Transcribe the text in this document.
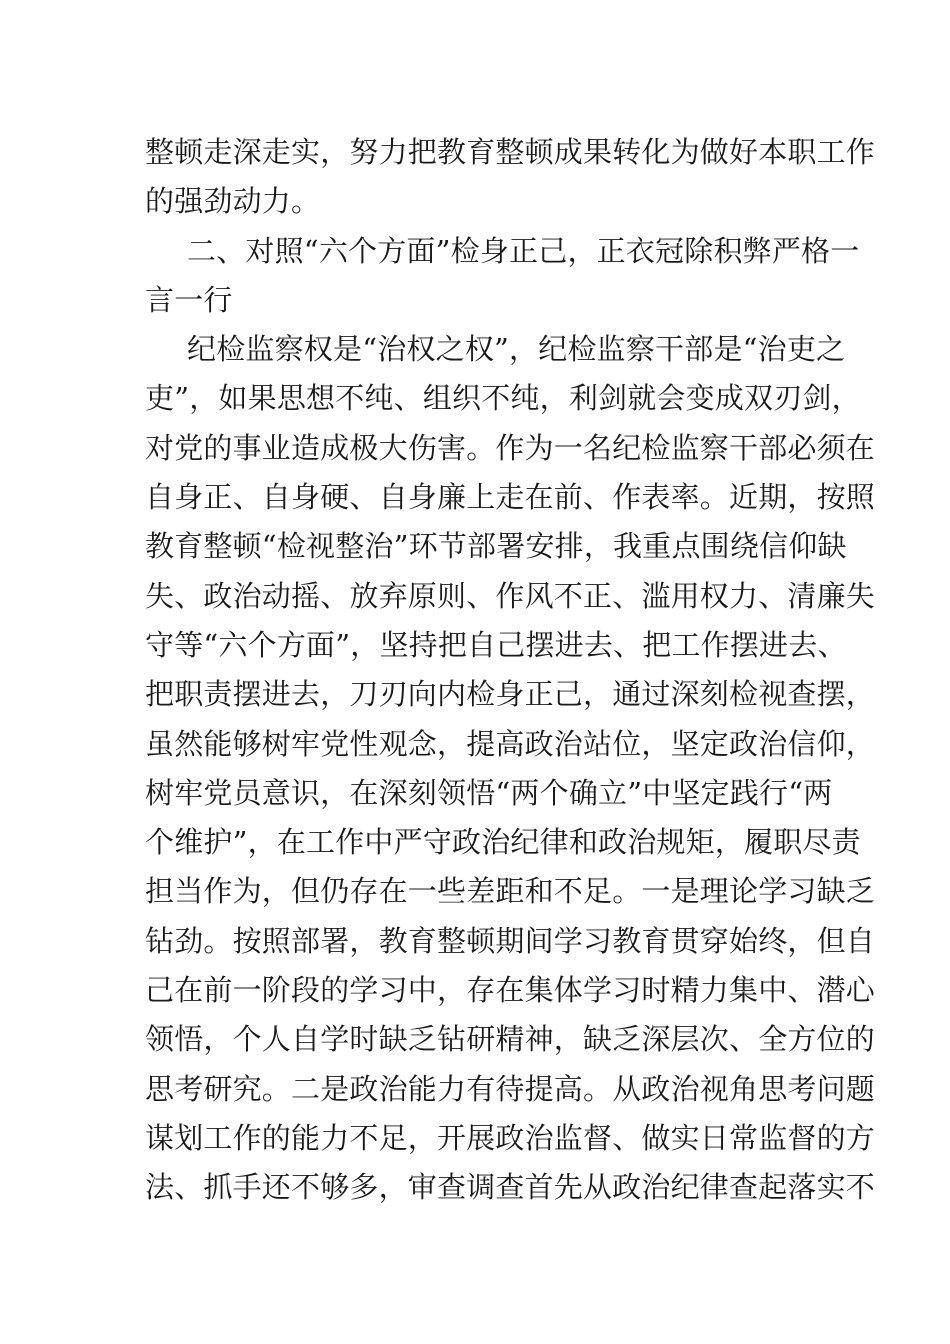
整顿走深走实，努力把教育整顿成果转化为做好本职工作
的强劲动力。
二、对照“六个方面”检身正己，正衣冠除积弊严格一
言一行
纪检监察权是“治权之权”，纪检监察干部是“治吏之
吏”，如果思想不纯、组织不纯，利剑就会变成双刃剑，
对党的事业造成极大伤害。作为一名纪检监察干部必须在
自身正、自身硬、自身廉上走在前、作表率。近期，按照
教育整顿“检视整治”环节部署安排，我重点围绕信仰缺
失、政治动摇、放弃原则、作风不正、滥用权力、清廉失
守等“六个方面”，坚持把自己摆进去、把工作摆进去、
把职责摆进去，刀刃向内检身正己，通过深刻检视查摆，
虽然能够树牢党性观念，提高政治站位，坚定政治信仰，
树牢党员意识，在深刻领悟“两个确立”中坚定践行“两
个维护”，在工作中严守政治纪律和政治规矩，履职尽责
担当作为，但仍存在一些差距和不足。一是理论学习缺乏
钻劲。按照部署，教育整顿期间学习教育贯穿始终，但自
己在前一阶段的学习中，存在集体学习时精力集中、潜心
领悟，个人自学时缺乏钻研精神，缺乏深层次、全方位的
思考研究。二是政治能力有待提高。从政治视角思考问题
谋划工作的能力不足，开展政治监督、做实日常监督的方
法、抓手还不够多，审查调查首先从政治纪律查起落实不
